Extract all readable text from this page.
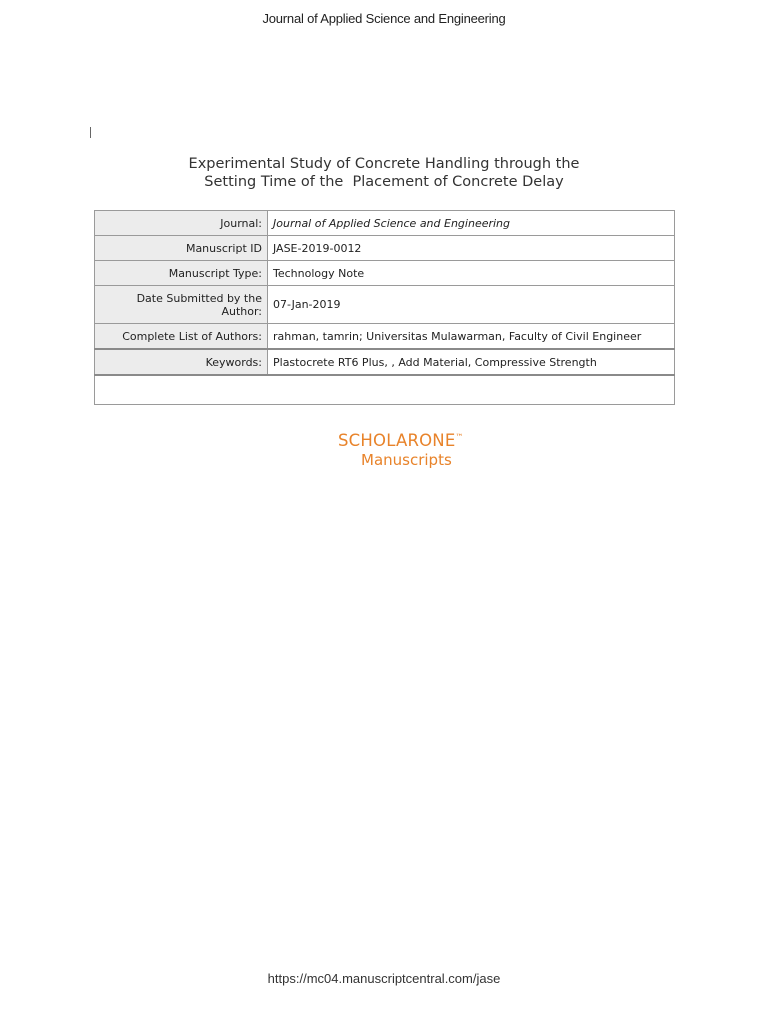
Journal of Applied Science and Engineering
Experimental Study of Concrete Handling through the
Setting Time of the  Placement of Concrete Delay
Journal:	Journal of Applied Science and Engineering
Manuscript ID	JASE-2019-0012
Manuscript Type:	Technology Note
Date Submitted by the Author:	07-Jan-2019
Complete List of Authors:	rahman, tamrin; Universitas Mulawarman, Faculty of Civil Engineer
Keywords:	Plastocrete RT6 Plus, , Add Material, Compressive Strength

SCHOLARONE™
Manuscripts
https://mc04.manuscriptcentral.com/jase
